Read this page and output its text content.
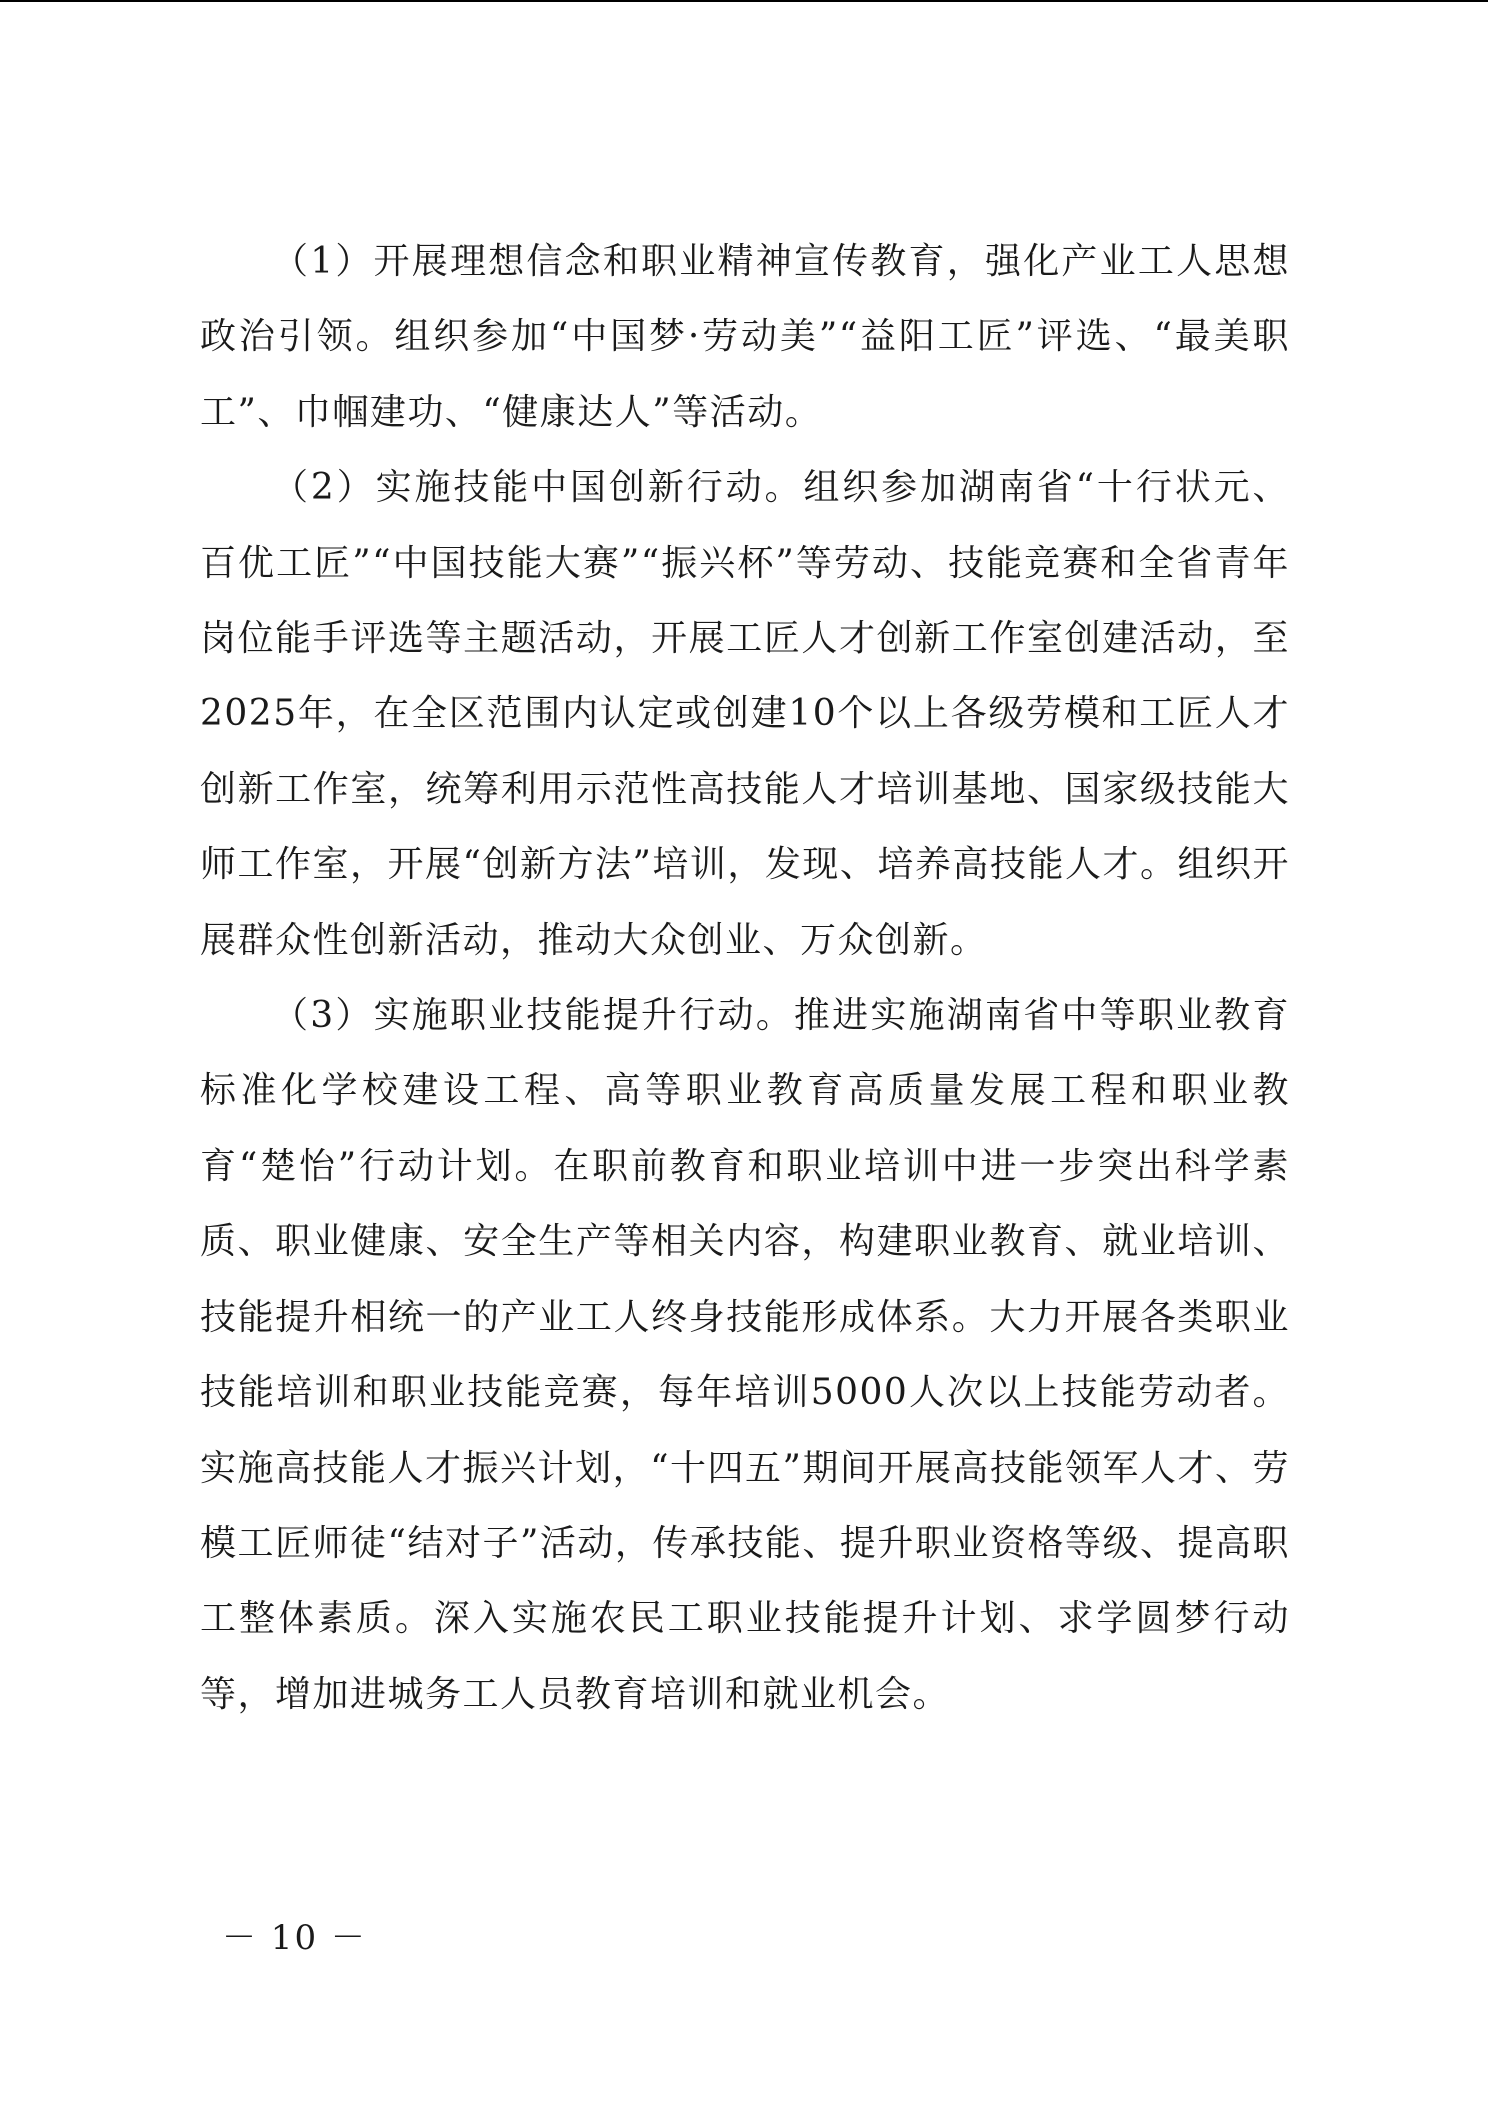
（1）开展理想信念和职业精神宣传教育，强化产业工人思想政治引领。组织参加“中国梦·劳动美”“益阳工匠”评选、“最美职工”、巾帼建功、“健康达人”等活动。

（2）实施技能中国创新行动。组织参加湖南省“十行状元、百优工匠”“中国技能大赛”“振兴杯”等劳动、技能竞赛和全省青年岗位能手评选等主题活动，开展工匠人才创新工作室创建活动，至2025年，在全区范围内认定或创建10个以上各级劳模和工匠人才创新工作室，统筹利用示范性高技能人才培训基地、国家级技能大师工作室，开展“创新方法”培训，发现、培养高技能人才。组织开展群众性创新活动，推动大众创业、万众创新。

（3）实施职业技能提升行动。推进实施湖南省中等职业教育标准化学校建设工程、高等职业教育高质量发展工程和职业教育“楚怡”行动计划。在职前教育和职业培训中进一步突出科学素质、职业健康、安全生产等相关内容，构建职业教育、就业培训、技能提升相统一的产业工人终身技能形成体系。大力开展各类职业技能培训和职业技能竞赛，每年培训5000人次以上技能劳动者。实施高技能人才振兴计划，“十四五”期间开展高技能领军人才、劳模工匠师徒“结对子”活动，传承技能、提升职业资格等级、提高职工整体素质。深入实施农民工职业技能提升计划、求学圆梦行动等，增加进城务工人员教育培训和就业机会。

－ 10 －
